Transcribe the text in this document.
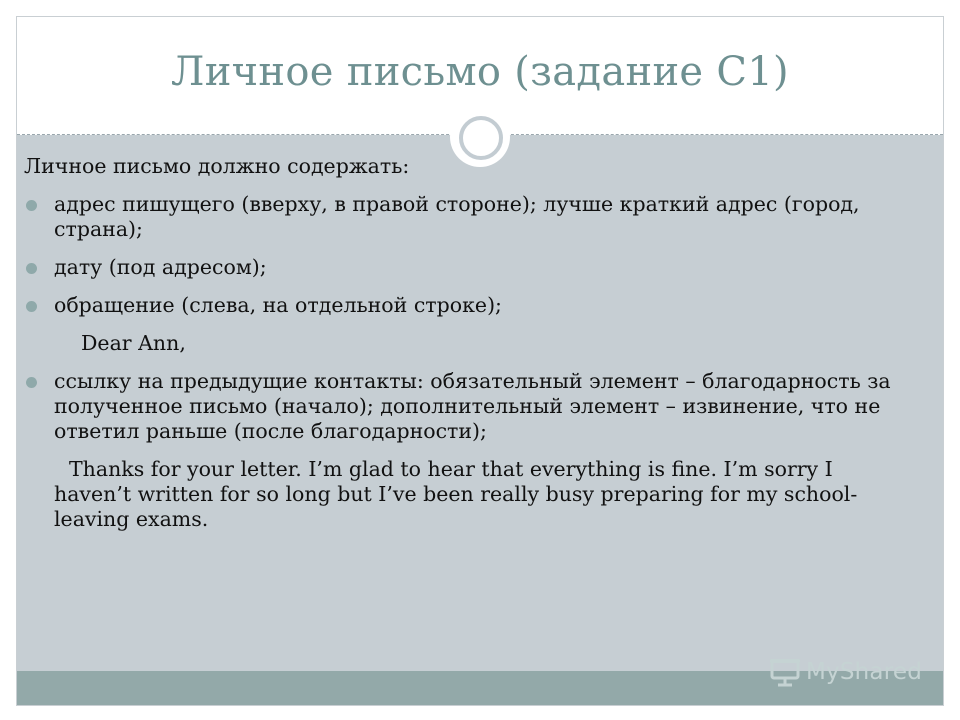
Личное письмо (задание С1)

Личное письмо должно содержать:

адрес пишущего (вверху, в правой стороне); лучше краткий адрес (город, страна);

дату (под адресом);

обращение (слева, на отдельной строке);

Dear Ann,

ссылку на предыдущие контакты: обязательный элемент – благодарность за полученное письмо (начало); дополнительный элемент – извинение, что не ответил раньше (после благодарности);

Thanks for your letter. I’m glad to hear that everything is fine. I’m sorry I haven’t written for so long but I’ve been really busy preparing for my school-leaving exams.

MyShared
